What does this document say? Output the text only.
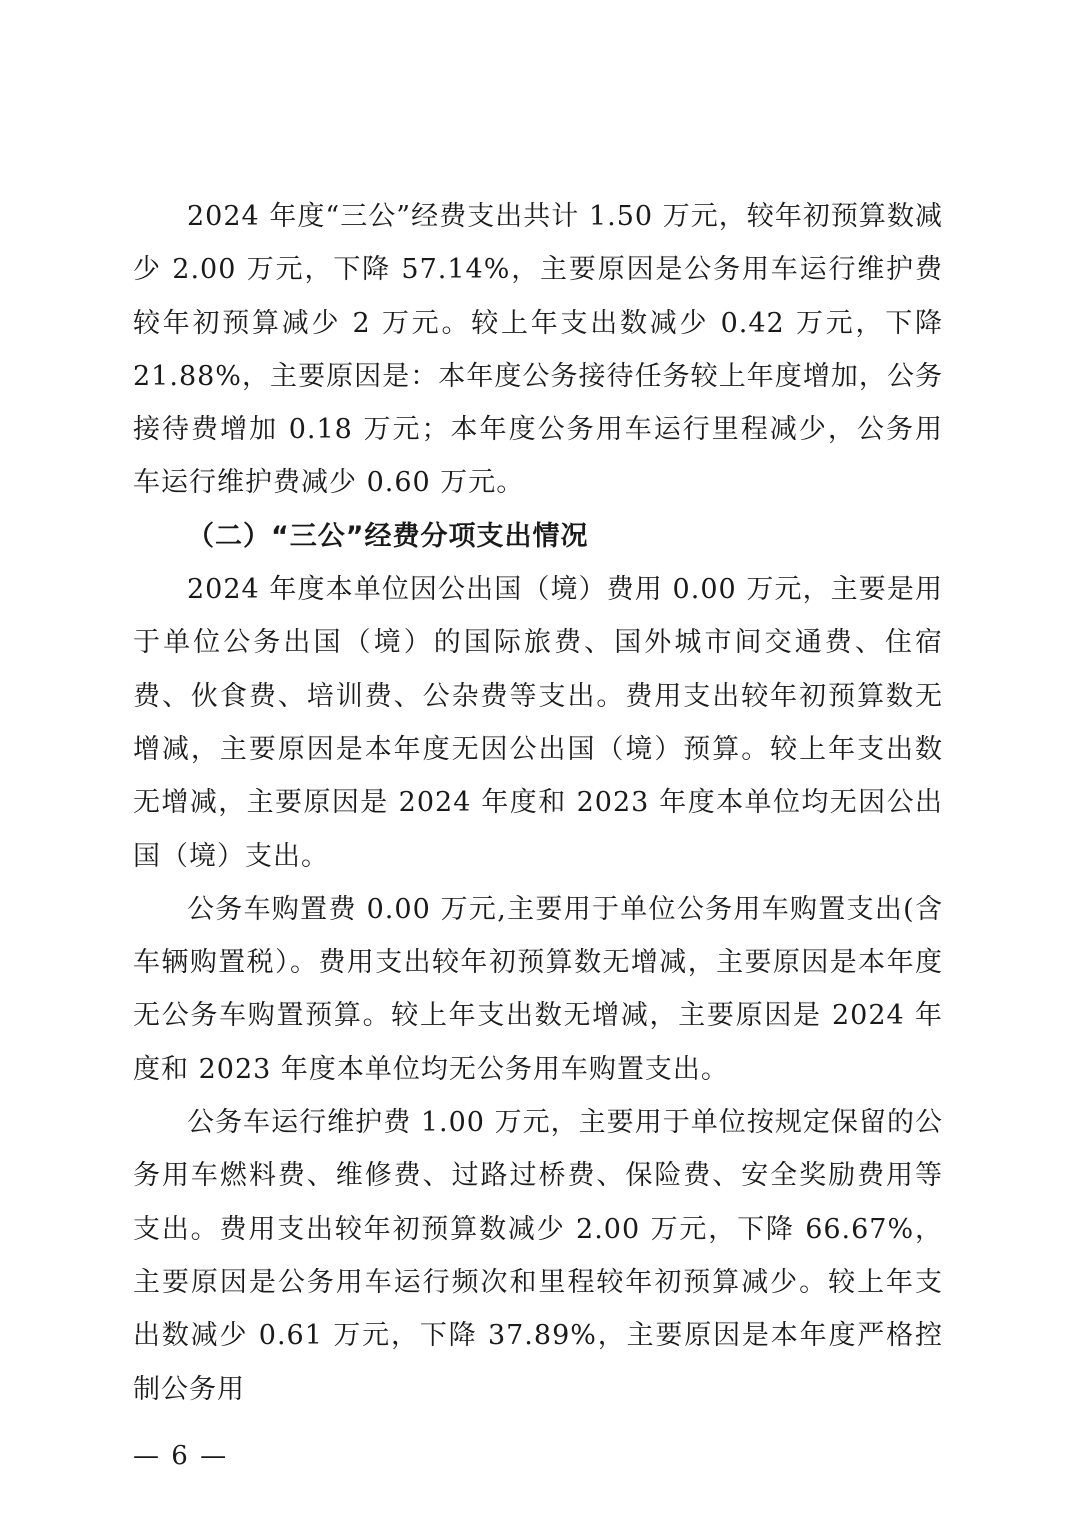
2024 年度“三公”经费支出共计 1.50 万元，较年初预算数减少 2.00 万元，下降 57.14%，主要原因是公务用车运行维护费较年初预算减少 2 万元。较上年支出数减少 0.42 万元，下降 21.88%，主要原因是：本年度公务接待任务较上年度增加，公务接待费增加 0.18 万元；本年度公务用车运行里程减少，公务用车运行维护费减少 0.60 万元。

（二）“三公”经费分项支出情况

2024 年度本单位因公出国（境）费用 0.00 万元，主要是用于单位公务出国（境）的国际旅费、国外城市间交通费、住宿费、伙食费、培训费、公杂费等支出。费用支出较年初预算数无增减，主要原因是本年度无因公出国（境）预算。较上年支出数无增减，主要原因是 2024 年度和 2023 年度本单位均无因公出国（境）支出。

公务车购置费 0.00 万元,主要用于单位公务用车购置支出(含车辆购置税）。费用支出较年初预算数无增减，主要原因是本年度无公务车购置预算。较上年支出数无增减，主要原因是 2024 年度和 2023 年度本单位均无公务用车购置支出。

公务车运行维护费 1.00 万元，主要用于单位按规定保留的公务用车燃料费、维修费、过路过桥费、保险费、安全奖励费用等支出。费用支出较年初预算数减少 2.00 万元，下降 66.67%，主要原因是公务用车运行频次和里程较年初预算减少。较上年支出数减少 0.61 万元，下降 37.89%，主要原因是本年度严格控制公务用

— 6 —
